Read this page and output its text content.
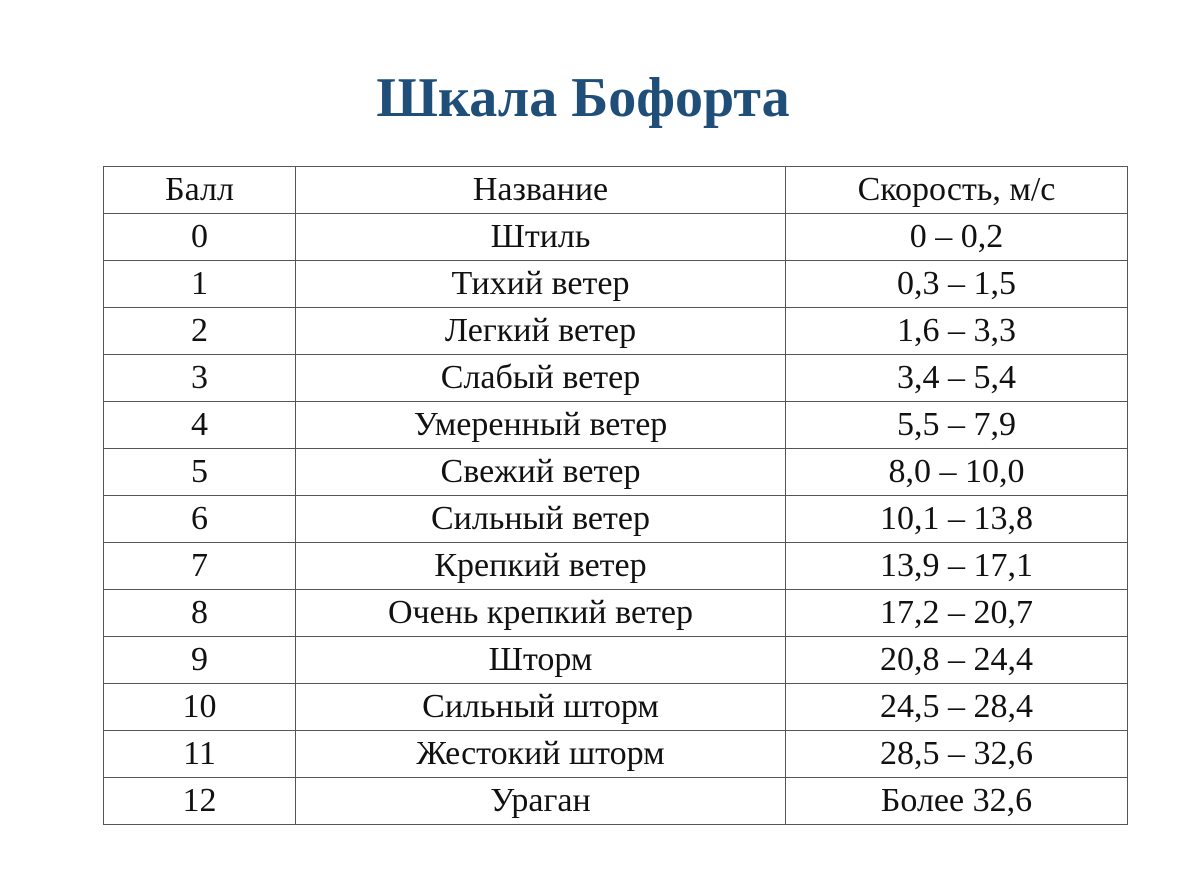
Шкала Бофорта
Балл	Название	Скорость, м/с
0	Штиль	0 – 0,2
1	Тихий ветер	0,3 – 1,5
2	Легкий ветер	1,6 – 3,3
3	Слабый ветер	3,4 – 5,4
4	Умеренный ветер	5,5 – 7,9
5	Свежий ветер	8,0 – 10,0
6	Сильный ветер	10,1 – 13,8
7	Крепкий ветер	13,9 – 17,1
8	Очень крепкий ветер	17,2 – 20,7
9	Шторм	20,8 – 24,4
10	Сильный шторм	24,5 – 28,4
11	Жестокий шторм	28,5 – 32,6
12	Ураган	Более 32,6
